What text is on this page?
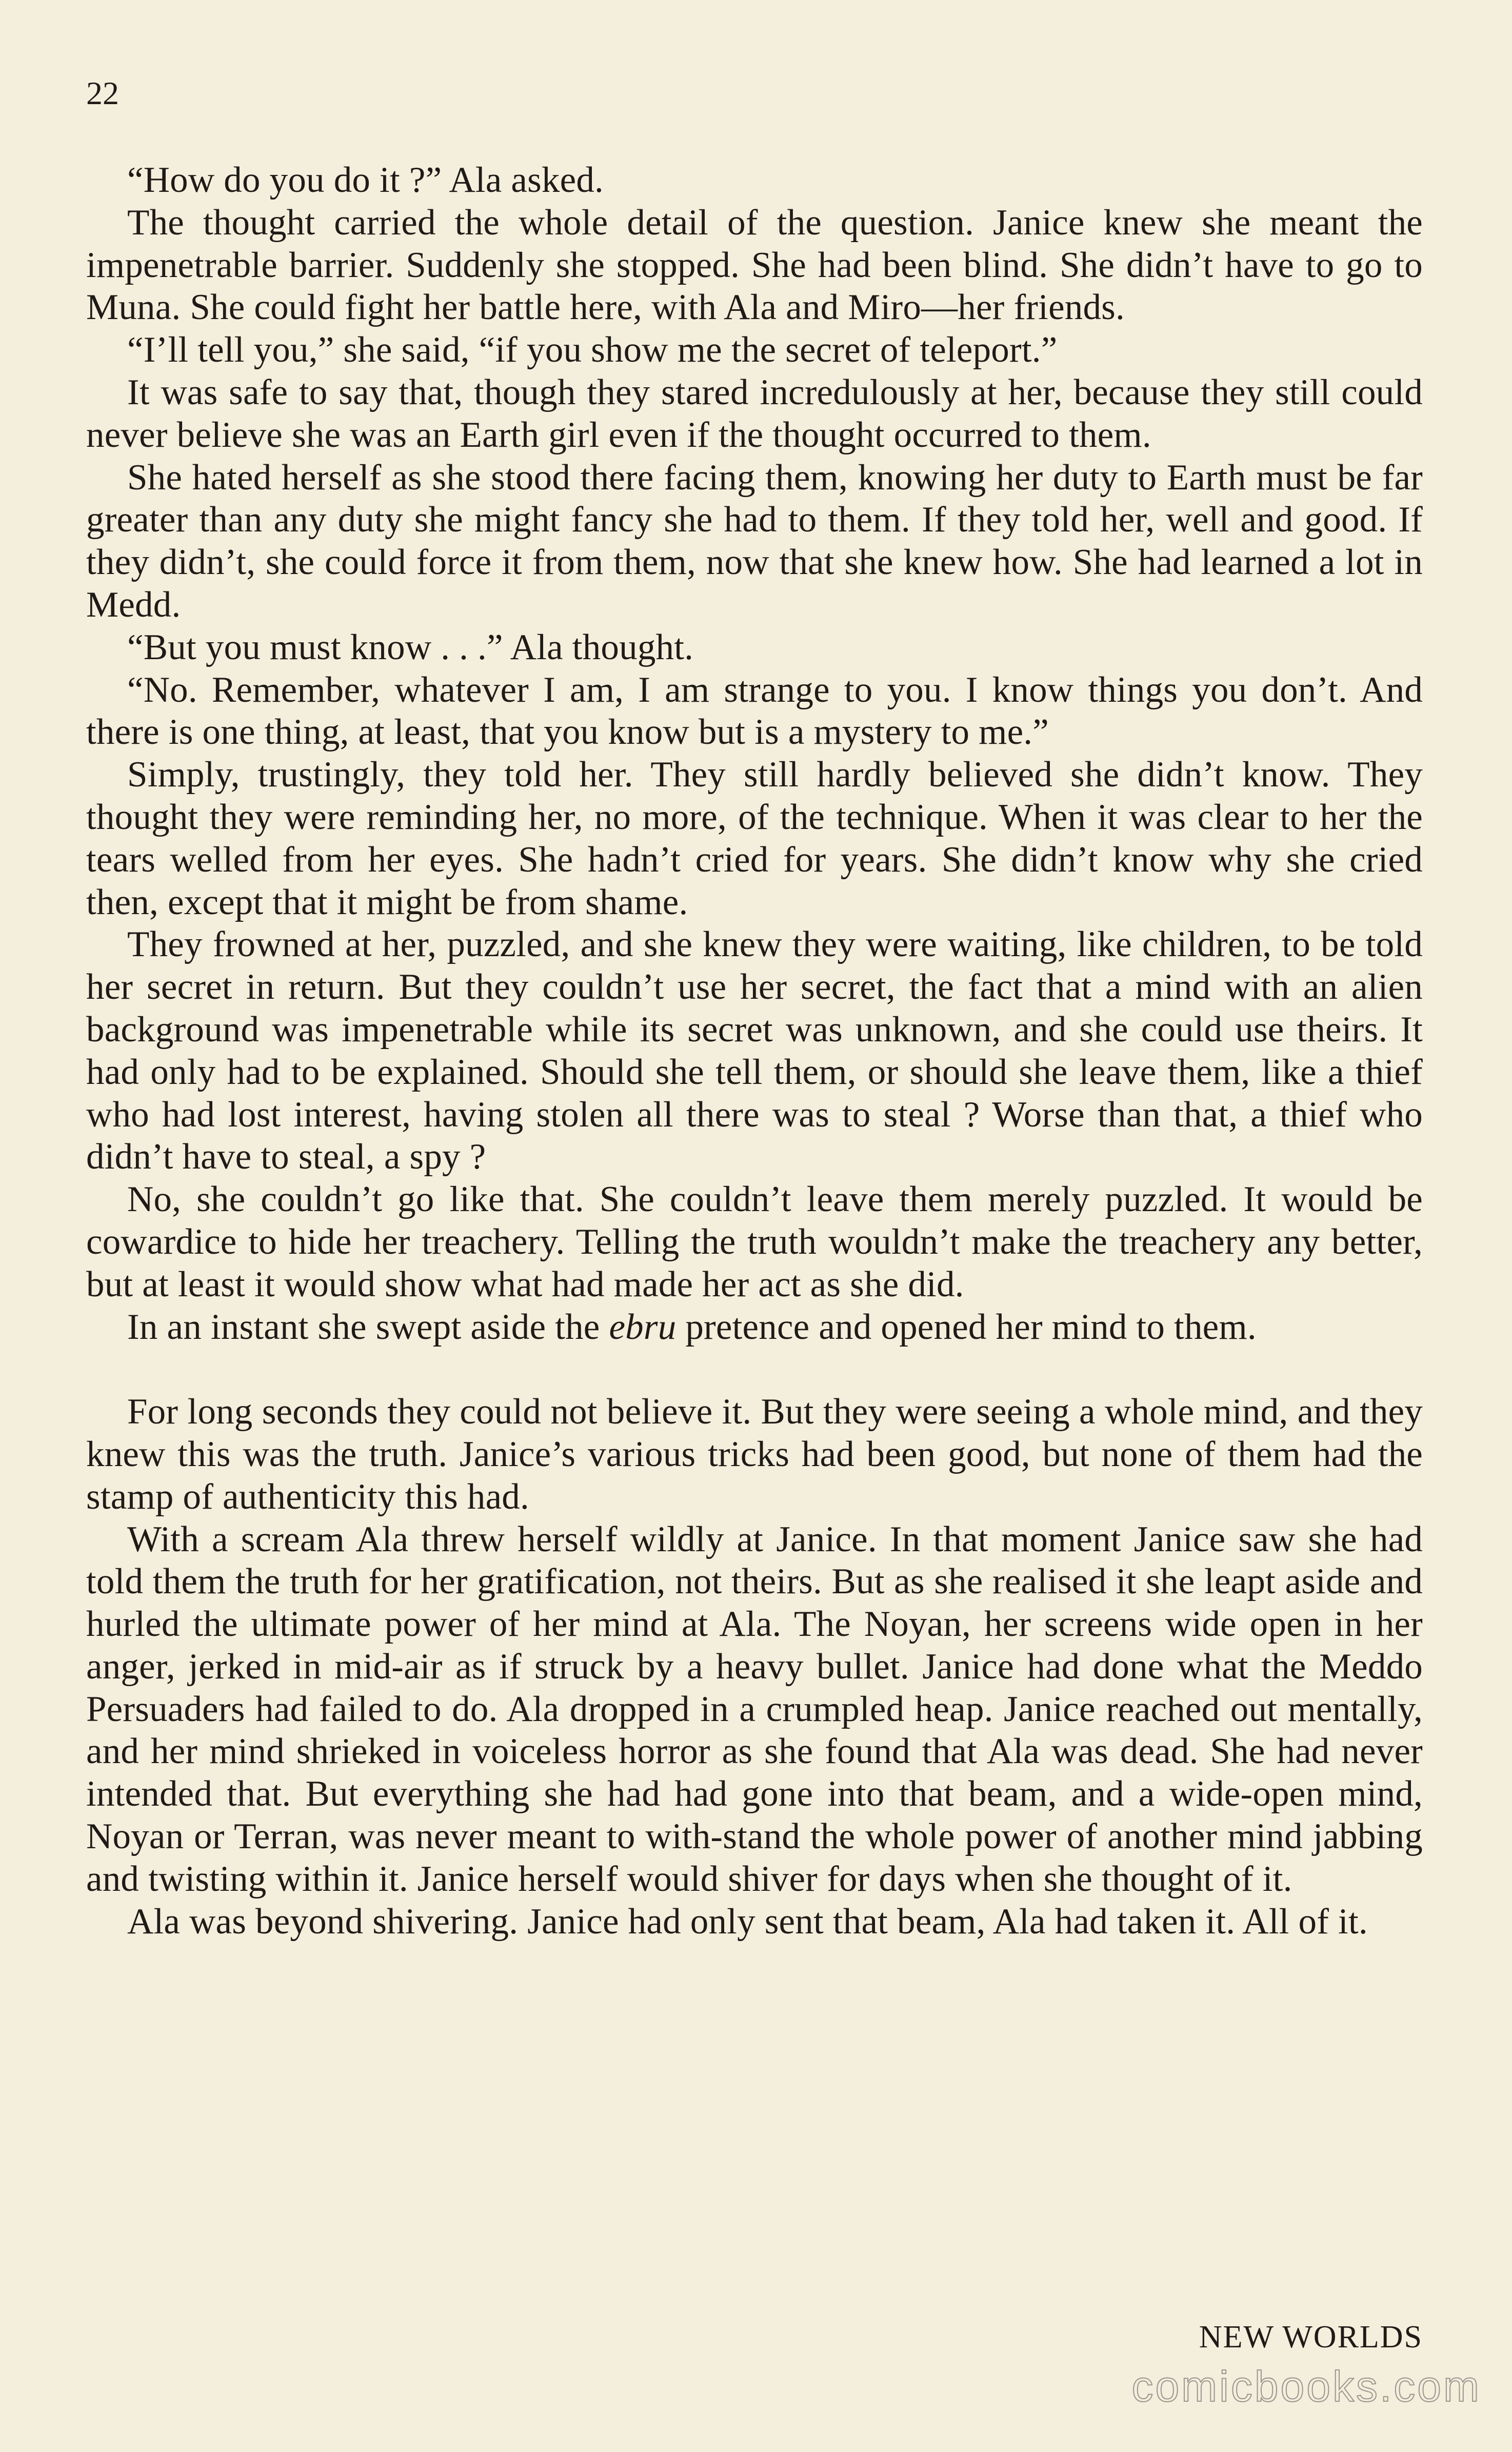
22

“How do you do it ?” Ala asked.

The thought carried the whole detail of the question. Janice knew she meant the impenetrable barrier. Suddenly she stopped. She had been blind. She didn’t have to go to Muna. She could fight her battle here, with Ala and Miro—her friends.

“I’ll tell you,” she said, “if you show me the secret of teleport.”

It was safe to say that, though they stared incredulously at her, because they still could never believe she was an Earth girl even if the thought occurred to them.

She hated herself as she stood there facing them, knowing her duty to Earth must be far greater than any duty she might fancy she had to them. If they told her, well and good. If they didn’t, she could force it from them, now that she knew how. She had learned a lot in Medd.

“But you must know . . .” Ala thought.

“No. Remember, whatever I am, I am strange to you. I know things you don’t. And there is one thing, at least, that you know but is a mystery to me.”

Simply, trustingly, they told her. They still hardly believed she didn’t know. They thought they were reminding her, no more, of the technique. When it was clear to her the tears welled from her eyes. She hadn’t cried for years. She didn’t know why she cried then, except that it might be from shame.

They frowned at her, puzzled, and she knew they were waiting, like children, to be told her secret in return. But they couldn’t use her secret, the fact that a mind with an alien background was impenetrable while its secret was unknown, and she could use theirs. It had only had to be explained. Should she tell them, or should she leave them, like a thief who had lost interest, having stolen all there was to steal ? Worse than that, a thief who didn’t have to steal, a spy ?

No, she couldn’t go like that. She couldn’t leave them merely puzzled. It would be cowardice to hide her treachery. Telling the truth wouldn’t make the treachery any better, but at least it would show what had made her act as she did.

In an instant she swept aside the ebru pretence and opened her mind to them.

For long seconds they could not believe it. But they were seeing a whole mind, and they knew this was the truth. Janice’s various tricks had been good, but none of them had the stamp of authenticity this had.

With a scream Ala threw herself wildly at Janice. In that moment Janice saw she had told them the truth for her gratification, not theirs. But as she realised it she leapt aside and hurled the ultimate power of her mind at Ala. The Noyan, her screens wide open in her anger, jerked in mid-air as if struck by a heavy bullet. Janice had done what the Meddo Persuaders had failed to do. Ala dropped in a crumpled heap. Janice reached out mentally, and her mind shrieked in voiceless horror as she found that Ala was dead. She had never intended that. But everything she had had gone into that beam, and a wide-open mind, Noyan or Terran, was never meant to with-stand the whole power of another mind jabbing and twisting within it. Janice herself would shiver for days when she thought of it.

Ala was beyond shivering. Janice had only sent that beam, Ala had taken it. All of it.

NEW WORLDS
comicbooks.com
